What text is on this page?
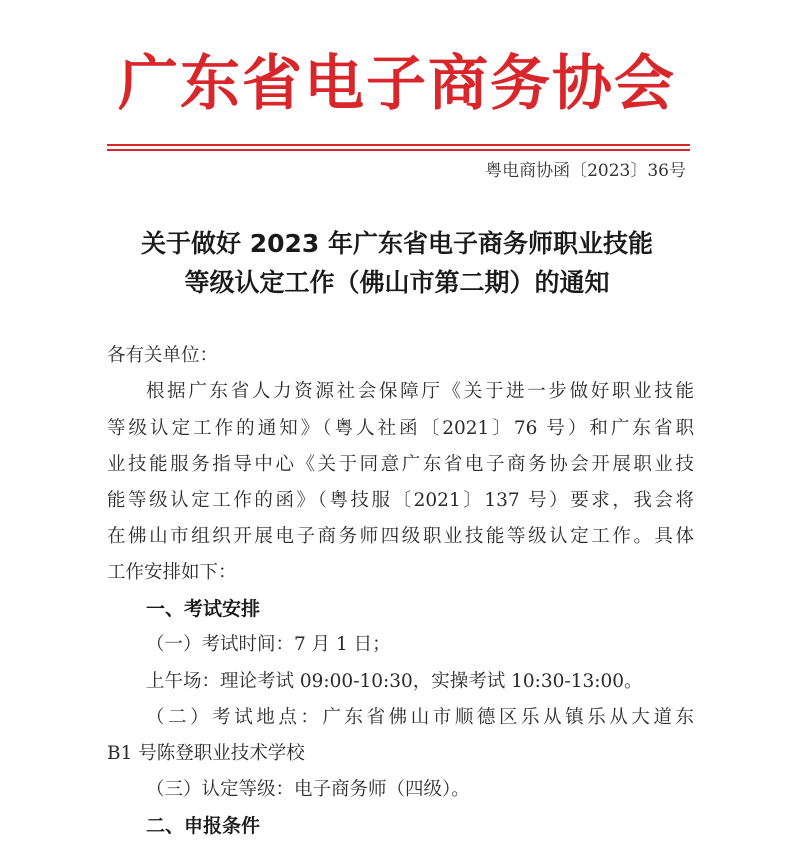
广东省电子商务协会
粤电商协函〔2023〕36号
关于做好 2023 年广东省电子商务师职业技能
等级认定工作（佛山市第二期）的通知
各有关单位：
根据广东省人力资源社会保障厅《关于进一步做好职业技能
等级认定工作的通知》（粤人社函〔2021〕76 号）和广东省职
业技能服务指导中心《关于同意广东省电子商务协会开展职业技
能等级认定工作的函》（粤技服〔2021〕137 号）要求，我会将
在佛山市组织开展电子商务师四级职业技能等级认定工作。具体
工作安排如下：
一、考试安排
（一）考试时间：7 月 1 日；
上午场：理论考试 09:00-10:30，实操考试 10:30-13:00。
（二）考试地点：广东省佛山市顺德区乐从镇乐从大道东
B1 号陈登职业技术学校
（三）认定等级：电子商务师（四级）。
二、申报条件
